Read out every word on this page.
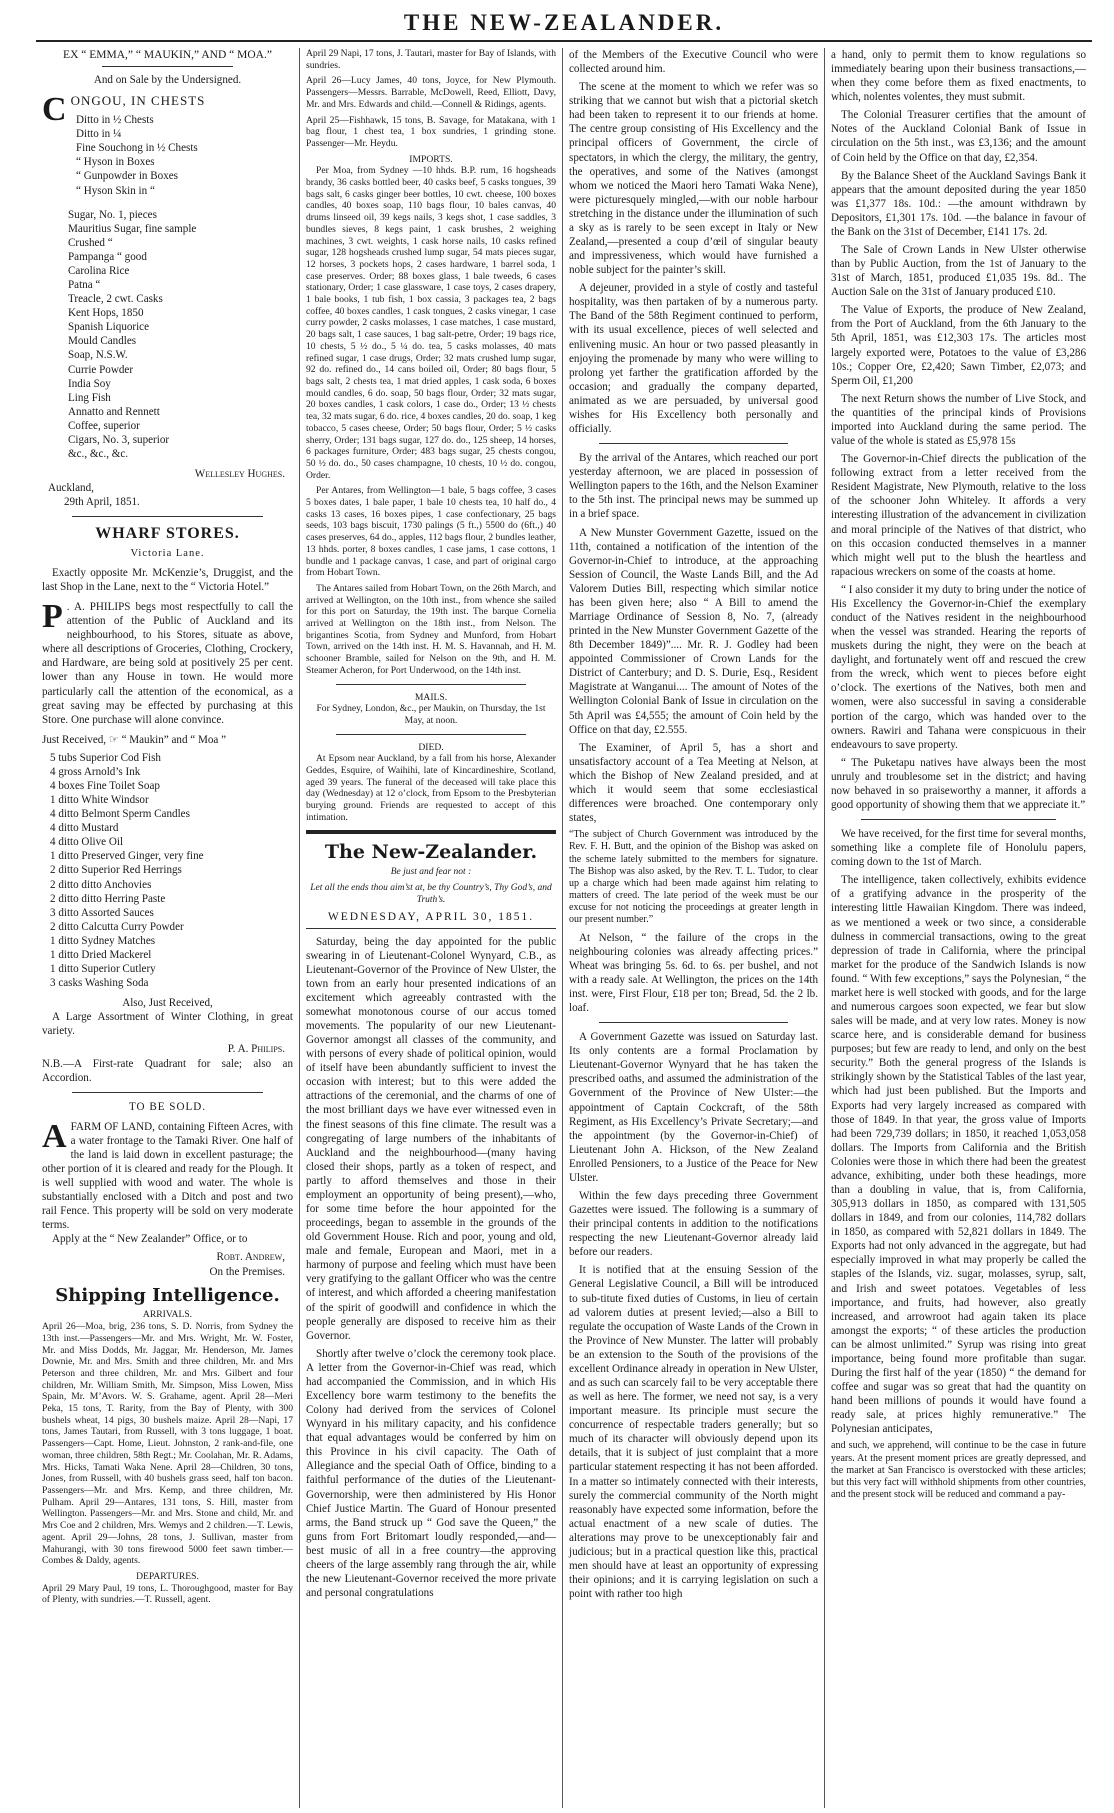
THE NEW-ZEALANDER.
EX “ EMMA,” “ MAUKIN,” AND “ MOA.”
And on Sale by the Undersigned.
C ONGOU, IN CHESTS
Ditto in ½ Chests
Ditto in ¼
Fine Souchong in ½ Chests
“ Hyson in Boxes
“ Gunpowder in Boxes
“ Hyson Skin in “
Sugar, No. 1, pieces
Mauritius Sugar, fine sample
Crushed “
Pampanga “ good
Carolina Rice
Patna “
Treacle, 2 cwt. Casks
Kent Hops, 1850
Spanish Liquorice
Mould Candles
Soap, N.S.W.
Currie Powder
India Soy
Ling Fish
Annatto and Rennett
Coffee, superior
Cigars, No. 3, superior
&c., &c., &c.
Wellesley Hughes.
Auckland,
29th April, 1851.
WHARF STORES.
Victoria Lane.

Exactly opposite Mr. McKenzie’s, Druggist, and the last Shop in the Lane, next to the “ Victoria Hotel.”

P . A. PHILIPS begs most respectfully to call the attention of the Public of Auckland and its neighbourhood, to his Stores, situate as above, where all descriptions of Groceries, Clothing, Crockery, and Hardware, are being sold at positively 25 per cent. lower than any House in town. He would more particularly call the attention of the economical, as a great saving may be effected by purchasing at this Store. One purchase will alone convince.
Just Received, ☞ “ Maukin” and “ Moa ”
5 tubs Superior Cod Fish
4 gross Arnold’s Ink
4 boxes Fine Toilet Soap
1 ditto White Windsor
4 ditto Belmont Sperm Candles
4 ditto Mustard
4 ditto Olive Oil
1 ditto Preserved Ginger, very fine
2 ditto Superior Red Herrings
2 ditto ditto Anchovies
2 ditto ditto Herring Paste
3 ditto Assorted Sauces
2 ditto Calcutta Curry Powder
1 ditto Sydney Matches
1 ditto Dried Mackerel
1 ditto Superior Cutlery
3 casks Washing Soda
Also, Just Received,

A Large Assortment of Winter Clothing, in great variety.

P. A. Philips.

N.B.—A First-rate Quadrant for sale; also an Accordion.

TO BE SOLD.
A FARM OF LAND, containing Fifteen Acres, with a water frontage to the Tamaki River. One half of the land is laid down in excellent pasturage; the other portion of it is cleared and ready for the Plough. It is well supplied with wood and water. The whole is substantially enclosed with a Ditch and post and two rail Fence. This property will be sold on very moderate terms.

Apply at the “ New Zealander” Office, or to

Robt. Andrew,
On the Premises.
Shipping Intelligence.
ARRIVALS.

April 26—Moa, brig, 236 tons, S. D. Norris, from Sydney the 13th inst.—Passengers—Mr. and Mrs. Wright, Mr. W. Foster, Mr. and Miss Dodds, Mr. Jaggar, Mr. Henderson, Mr. James Downie, Mr. and Mrs. Smith and three children, Mr. and Mrs Peterson and three children, Mr. and Mrs. Gilbert and four children, Mr. William Smith, Mr. Simpson, Miss Lowen, Miss Spain, Mr. M’Avors. W. S. Grahame, agent. April 28—Meri Peka, 15 tons, T. Rarity, from the Bay of Plenty, with 300 bushels wheat, 14 pigs, 30 bushels maize. April 28—Napi, 17 tons, James Tautari, from Russell, with 3 tons luggage, 1 boat. Passengers—Capt. Home, Lieut. Johnston, 2 rank-and-file, one woman, three children, 58th Regt.; Mr. Coolahan, Mr. R. Adams, Mrs. Hicks, Tamati Waka Nene. April 28—Children, 30 tons, Jones, from Russell, with 40 bushels grass seed, half ton bacon. Passengers—Mr. and Mrs. Kemp, and three children, Mr. Pulham. April 29—Antares, 131 tons, S. Hill, master from Wellington. Passengers—Mr. and Mrs. Stone and child, Mr. and Mrs Coe and 2 children, Mrs. Wemys and 2 children.—T. Lewis, agent. April 29—Johns, 28 tons, J. Sullivan, master from Mahurangi, with 30 tons firewood 5000 feet sawn timber.—Combes & Daldy, agents.

DEPARTURES.

April 29 Mary Paul, 19 tons, L. Thoroughgood, master for Bay of Plenty, with sundries.—T. Russell, agent.

April 29 Napi, 17 tons, J. Tautari, master for Bay of Islands, with sundries.

April 26—Lucy James, 40 tons, Joyce, for New Plymouth. Passengers—Messrs. Barrable, McDowell, Reed, Elliott, Davy, Mr. and Mrs. Edwards and child.—Connell & Ridings, agents.

April 25—Fishhawk, 15 tons, B. Savage, for Matakana, with 1 bag flour, 1 chest tea, 1 box sundries, 1 grinding stone. Passenger—Mr. Heydu.

IMPORTS.

Per Moa, from Sydney —10 hhds. B.P. rum, 16 hogsheads brandy, 36 casks bottled beer, 40 casks beef, 5 casks tongues, 39 bags salt, 6 casks ginger beer bottles, 10 cwt. cheese, 100 boxes candles, 40 boxes soap, 110 bags flour, 10 bales canvas, 40 drums linseed oil, 39 kegs nails, 3 kegs shot, 1 case saddles, 3 bundles sieves, 8 kegs paint, 1 cask brushes, 2 weighing machines, 3 cwt. weights, 1 cask horse nails, 10 casks refined sugar, 128 hogsheads crushed lump sugar, 54 mats pieces sugar, 12 horses, 3 pockets hops, 2 cases hardware, 1 barrel soda, 1 case preserves. Order; 88 boxes glass, 1 bale tweeds, 6 cases stationary, Order; 1 case glassware, 1 case toys, 2 cases drapery, 1 bale books, 1 tub fish, 1 box cassia, 3 packages tea, 2 bags coffee, 40 boxes candles, 1 cask tongues, 2 casks vinegar, 1 case curry powder, 2 casks molasses, 1 case matches, 1 case mustard, 20 bags salt, 1 case sauces, 1 bag salt-petre, Order; 19 bags rice, 10 chests, 5 ½ do., 5 ¼ do. tea, 5 casks molasses, 40 mats refined sugar, 1 case drugs, Order; 32 mats crushed lump sugar, 92 do. refined do., 14 cans boiled oil, Order; 80 bags flour, 5 bags salt, 2 chests tea, 1 mat dried apples, 1 cask soda, 6 boxes mould candles, 6 do. soap, 50 bags flour, Order; 32 mats sugar, 20 boxes candles, 1 cask colors, 1 case do., Order; 13 ½ chests tea, 32 mats sugar, 6 do. rice, 4 boxes candles, 20 do. soap, 1 keg tobacco, 5 cases cheese, Order; 50 bags flour, Order; 5 ½ casks sherry, Order; 131 bags sugar, 127 do. do., 125 sheep, 14 horses, 6 packages furniture, Order; 483 bags sugar, 25 chests congou, 50 ½ do. do., 50 cases champagne, 10 chests, 10 ½ do. congou, Order.

Per Antares, from Wellington—1 bale, 5 bags coffee, 3 cases 5 boxes dates, 1 bale paper, 1 bale 10 chests tea, 10 half do., 4 casks 13 cases, 16 boxes pipes, 1 case confectionary, 25 bags seeds, 103 bags biscuit, 1730 palings (5 ft.,) 5500 do (6ft.,) 40 cases preserves, 64 do., apples, 112 bags flour, 2 bundles leather, 13 hhds. porter, 8 boxes candles, 1 case jams, 1 case cottons, 1 bundle and 1 package canvas, 1 case, and part of original cargo from Hobart Town.

The Antares sailed from Hobart Town, on the 26th March, and arrived at Wellington, on the 10th inst., from whence she sailed for this port on Saturday, the 19th inst. The barque Cornelia arrived at Wellington on the 18th inst., from Nelson. The brigantines Scotia, from Sydney and Munford, from Hobart Town, arrived on the 14th inst. H. M. S. Havannah, and H. M. schooner Bramble, sailed for Nelson on the 9th, and H. M. Steamer Acheron, for Port Underwood, on the 14th inst.

MAILS.

For Sydney, London, &c., per Maukin, on Thursday, the 1st May, at noon.

DIED.

At Epsom near Auckland, by a fall from his horse, Alexander Geddes, Esquire, of Waihihi, late of Kincardineshire, Scotland, aged 39 years. The funeral of the deceased will take place this day (Wednesday) at 12 o’clock, from Epsom to the Presbyterian burying ground. Friends are requested to accept of this intimation.

The New-Zealander.
Be just and fear not :
Let all the ends thou aim’st at, be thy Country’s, Thy God’s, and Truth’s.
WEDNESDAY, APRIL 30, 1851.

Saturday, being the day appointed for the public swearing in of Lieutenant-Colonel Wynyard, C.B., as Lieutenant-Governor of the Province of New Ulster, the town from an early hour presented indications of an excitement which agreeably contrasted with the somewhat monotonous course of our accus tomed movements. The popularity of our new Lieutenant-Governor amongst all classes of the community, and with persons of every shade of political opinion, would of itself have been abundantly sufficient to invest the occasion with interest; but to this were added the attractions of the ceremonial, and the charms of one of the most brilliant days we have ever witnessed even in the finest seasons of this fine climate. The result was a congregating of large numbers of the inhabitants of Auckland and the neighbourhood—(many having closed their shops, partly as a token of respect, and partly to afford themselves and those in their employment an opportunity of being present),—who, for some time before the hour appointed for the proceedings, began to assemble in the grounds of the old Government House. Rich and poor, young and old, male and female, European and Maori, met in a harmony of purpose and feeling which must have been very gratifying to the gallant Officer who was the centre of interest, and which afforded a cheering manifestation of the spirit of goodwill and confidence in which the people generally are disposed to receive him as their Governor.

Shortly after twelve o’clock the ceremony took place. A letter from the Governor-in-Chief was read, which had accompanied the Commission, and in which His Excellency bore warm testimony to the benefits the Colony had derived from the services of Colonel Wynyard in his military capacity, and his confidence that equal advantages would be conferred by him on this Province in his civil capacity. The Oath of Allegiance and the special Oath of Office, binding to a faithful performance of the duties of the Lieutenant-Governorship, were then administered by His Honor Chief Justice Martin. The Guard of Honour presented arms, the Band struck up “ God save the Queen,” the guns from Fort Britomart loudly responded,—and—best music of all in a free country—the approving cheers of the large assembly rang through the air, while the new Lieutenant-Governor received the more private and personal congratulations

of the Members of the Executive Council who were collected around him.

The scene at the moment to which we refer was so striking that we cannot but wish that a pictorial sketch had been taken to represent it to our friends at home. The centre group consisting of His Excellency and the principal officers of Government, the circle of spectators, in which the clergy, the military, the gentry, the operatives, and some of the Natives (amongst whom we noticed the Maori hero Tamati Waka Nene), were picturesquely mingled,—with our noble harbour stretching in the distance under the illumination of such a sky as is rarely to be seen except in Italy or New Zealand,—presented a coup d’œil of singular beauty and impressiveness, which would have furnished a noble subject for the painter’s skill.

A dejeuner, provided in a style of costly and tasteful hospitality, was then partaken of by a numerous party. The Band of the 58th Regiment continued to perform, with its usual excellence, pieces of well selected and enlivening music. An hour or two passed pleasantly in enjoying the promenade by many who were willing to prolong yet farther the gratification afforded by the occasion; and gradually the company departed, animated as we are persuaded, by universal good wishes for His Excellency both personally and officially.

By the arrival of the Antares, which reached our port yesterday afternoon, we are placed in possession of Wellington papers to the 16th, and the Nelson Examiner to the 5th inst. The principal news may be summed up in a brief space.

A New Munster Government Gazette, issued on the 11th, contained a notification of the intention of the Governor-in-Chief to introduce, at the approaching Session of Council, the Waste Lands Bill, and the Ad Valorem Duties Bill, respecting which similar notice has been given here; also “ A Bill to amend the Marriage Ordinance of Session 8, No. 7, (already printed in the New Munster Government Gazette of the 8th December 1849)”.... Mr. R. J. Godley had been appointed Commissioner of Crown Lands for the District of Canterbury; and D. S. Durie, Esq., Resident Magistrate at Wanganui.... The amount of Notes of the Wellington Colonial Bank of Issue in circulation on the 5th April was £4,555; the amount of Coin held by the Office on that day, £2.555.

The Examiner, of April 5, has a short and unsatisfactory account of a Tea Meeting at Nelson, at which the Bishop of New Zealand presided, and at which it would seem that some ecclesiastical differences were broached. One contemporary only states,

“The subject of Church Government was introduced by the Rev. F. H. Butt, and the opinion of the Bishop was asked on the scheme lately submitted to the members for signature. The Bishop was also asked, by the Rev. T. L. Tudor, to clear up a charge which had been made against him relating to matters of creed. The late period of the week must be our excuse for not noticing the proceedings at greater length in our present number.”

At Nelson, “ the failure of the crops in the neighbouring colonies was already affecting prices.” Wheat was bringing 5s. 6d. to 6s. per bushel, and not with a ready sale. At Wellington, the prices on the 14th inst. were, First Flour, £18 per ton; Bread, 5d. the 2 lb. loaf.

A Government Gazette was issued on Saturday last. Its only contents are a formal Proclamation by Lieutenant-Governor Wynyard that he has taken the prescribed oaths, and assumed the administration of the Government of the Province of New Ulster:—the appointment of Captain Cockcraft, of the 58th Regiment, as His Excellency’s Private Secretary;—and the appointment (by the Governor-in-Chief) of Lieutenant John A. Hickson, of the New Zealand Enrolled Pensioners, to a Justice of the Peace for New Ulster.

Within the few days preceding three Government Gazettes were issued. The following is a summary of their principal contents in addition to the notifications respecting the new Lieutenant-Governor already laid before our readers.

It is notified that at the ensuing Session of the General Legislative Council, a Bill will be introduced to sub-titute fixed duties of Customs, in lieu of certain ad valorem duties at present levied;—also a Bill to regulate the occupation of Waste Lands of the Crown in the Province of New Munster. The latter will probably be an extension to the South of the provisions of the excellent Ordinance already in operation in New Ulster, and as such can scarcely fail to be very acceptable there as well as here. The former, we need not say, is a very important measure. Its principle must secure the concurrence of respectable traders generally; but so much of its character will obviously depend upon its details, that it is subject of just complaint that a more particular statement respecting it has not been afforded. In a matter so intimately connected with their interests, surely the commercial community of the North might reasonably have expected some information, before the actual enactment of a new scale of duties. The alterations may prove to be unexceptionably fair and judicious; but in a practical question like this, practical men should have at least an opportunity of expressing their opinions; and it is carrying legislation on such a point with rather too high

a hand, only to permit them to know regulations so immediately bearing upon their business transactions,—when they come before them as fixed enactments, to which, nolentes volentes, they must submit.

The Colonial Treasurer certifies that the amount of Notes of the Auckland Colonial Bank of Issue in circulation on the 5th inst., was £3,136; and the amount of Coin held by the Office on that day, £2,354.

By the Balance Sheet of the Auckland Savings Bank it appears that the amount deposited during the year 1850 was £1,377 18s. 10d.: —the amount withdrawn by Depositors, £1,301 17s. 10d. —the balance in favour of the Bank on the 31st of December, £141 17s. 2d.

The Sale of Crown Lands in New Ulster otherwise than by Public Auction, from the 1st of January to the 31st of March, 1851, produced £1,035 19s. 8d.. The Auction Sale on the 31st of January produced £10.

The Value of Exports, the produce of New Zealand, from the Port of Auckland, from the 6th January to the 5th April, 1851, was £12,303 17s. The articles most largely exported were, Potatoes to the value of £3,286 10s.; Copper Ore, £2,420; Sawn Timber, £2,073; and Sperm Oil, £1,200

The next Return shows the number of Live Stock, and the quantities of the principal kinds of Provisions imported into Auckland during the same period. The value of the whole is stated as £5,978 15s

The Governor-in-Chief directs the publication of the following extract from a letter received from the Resident Magistrate, New Plymouth, relative to the loss of the schooner John Whiteley. It affords a very interesting illustration of the advancement in civilization and moral principle of the Natives of that district, who on this occasion conducted themselves in a manner which might well put to the blush the heartless and rapacious wreckers on some of the coasts at home.

“ I also consider it my duty to bring under the notice of His Excellency the Governor-in-Chief the exemplary conduct of the Natives resident in the neighbourhood when the vessel was stranded. Hearing the reports of muskets during the night, they were on the beach at daylight, and fortunately went off and rescued the crew from the wreck, which went to pieces before eight o’clock. The exertions of the Natives, both men and women, were also successful in saving a considerable portion of the cargo, which was handed over to the owners. Rawiri and Tahana were conspicuous in their endeavours to save property.

“ The Puketapu natives have always been the most unruly and troublesome set in the district; and having now behaved in so praiseworthy a manner, it affords a good opportunity of showing them that we appreciate it.”

We have received, for the first time for several months, something like a complete file of Honolulu papers, coming down to the 1st of March.

The intelligence, taken collectively, exhibits evidence of a gratifying advance in the prosperity of the interesting little Hawaiian Kingdom. There was indeed, as we mentioned a week or two since, a considerable dulness in commercial transactions, owing to the great depression of trade in California, where the principal market for the produce of the Sandwich Islands is now found. “ With few exceptions,” says the Polynesian, “ the market here is well stocked with goods, and for the large and numerous cargoes soon expected, we fear but slow sales will be made, and at very low rates. Money is now scarce here, and is considerable demand for business purposes; but few are ready to lend, and only on the best security.” Both the general progress of the Islands is strikingly shown by the Statistical Tables of the last year, which had just been published. But the Imports and Exports had very largely increased as compared with those of 1849. In that year, the gross value of Imports had been 729,739 dollars; in 1850, it reached 1,053,058 dollars. The Imports from California and the British Colonies were those in which there had been the greatest advance, exhibiting, under both these headings, more than a doubling in value, that is, from California, 305,913 dollars in 1850, as compared with 131,505 dollars in 1849, and from our colonies, 114,782 dollars in 1850, as compared with 52,821 dollars in 1849. The Exports had not only advanced in the aggregate, but had especially improved in what may properly be called the staples of the Islands, viz. sugar, molasses, syrup, salt, and Irish and sweet potatoes. Vegetables of less importance, and fruits, had however, also greatly increased, and arrowroot had again taken its place amongst the exports; “ of these articles the production can be almost unlimited.” Syrup was rising into great importance, being found more profitable than sugar. During the first half of the year (1850) “ the demand for coffee and sugar was so great that had the quantity on hand been millions of pounds it would have found a ready sale, at prices highly remunerative.” The Polynesian anticipates,

and such, we apprehend, will continue to be the case in future years. At the present moment prices are greatly depressed, and the market at San Francisco is overstocked with these articles; but this very fact will withhold shipments from other countries, and the present stock will be reduced and command a pay-
